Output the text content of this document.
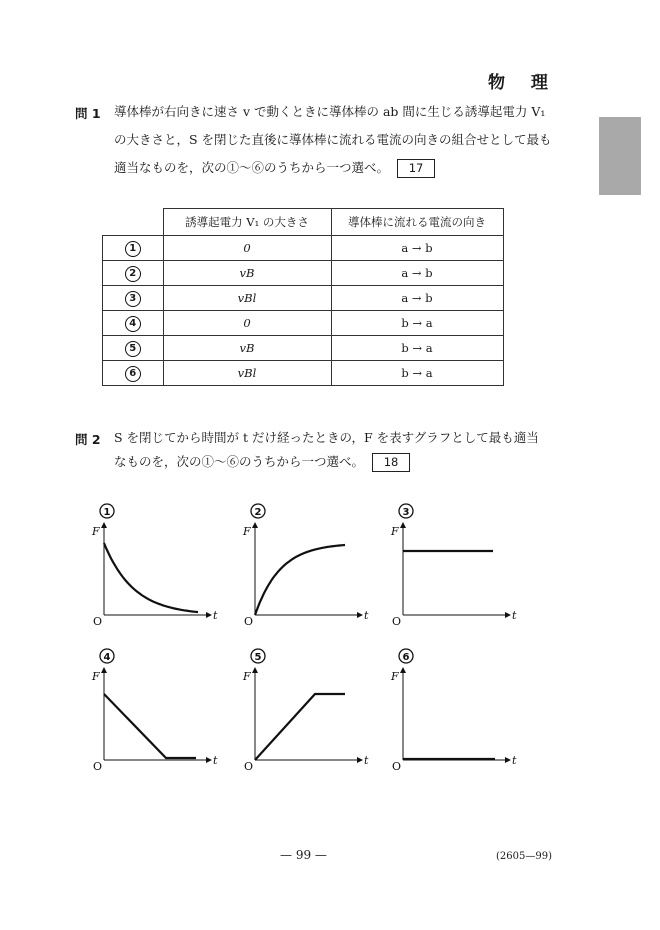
物 理
問 1 導体棒が右向きに速さ v で動くときに導体棒の ab 間に生じる誘導起電力 V₁
の大きさと，S を閉じた直後に導体棒に流れる電流の向きの組合せとして最も
適当なものを，次の①～⑥のうちから一つ選べ。 17
	誘導起電力 V₁ の大きさ	導体棒に流れる電流の向き
1	0	a → b
2	vB	a → b
3	vBl	a → b
4	0	b → a
5	vB	b → a
6	vBl	b → a
問 2 S を閉じてから時間が t だけ経ったときの，F を表すグラフとして最も適当
なものを，次の①～⑥のうちから一つ選べ。 18
1
F
t
O
2
F
t
O
3
F
t
O
4
F
t
O
5
F
t
O
6
F
t
O
— 99 —	(2605—99)
